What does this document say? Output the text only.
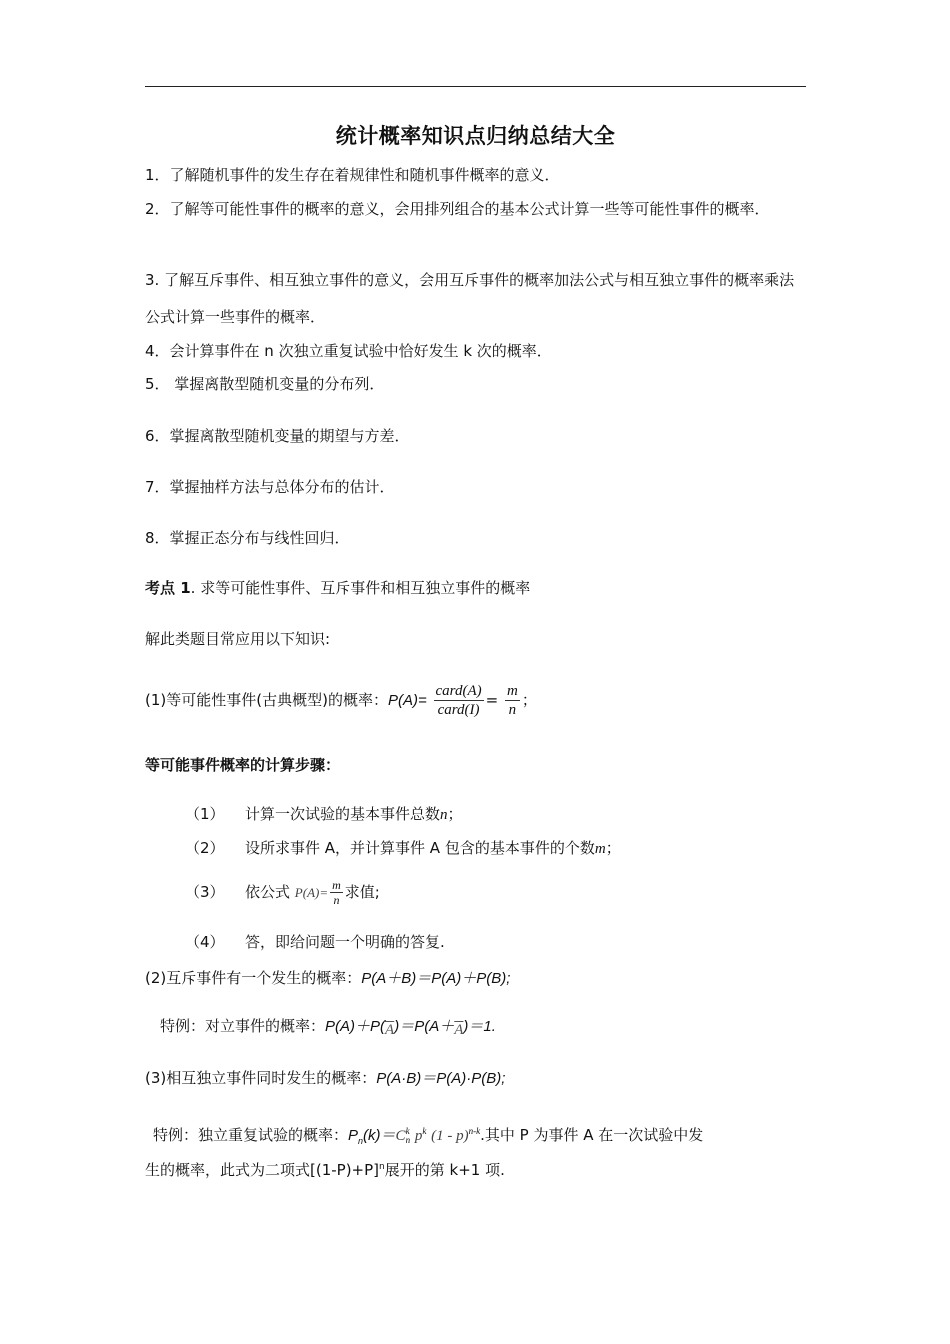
统计概率知识点归纳总结大全
1．了解随机事件的发生存在着规律性和随机事件概率的意义．
2．了解等可能性事件的概率的意义，会用排列组合的基本公式计算一些等可能性事件的概率．
3. 了解互斥事件、相互独立事件的意义，会用互斥事件的概率加法公式与相互独立事件的概率乘法公式计算一些事件的概率．
4．会计算事件在 n 次独立重复试验中恰好发生 k 次的概率．
5． 掌握离散型随机变量的分布列．
6．掌握离散型随机变量的期望与方差．
7．掌握抽样方法与总体分布的估计．
8．掌握正态分布与线性回归．
考点 1. 求等可能性事件、互斥事件和相互独立事件的概率
解此类题目常应用以下知识:
(1)等可能性事件(古典概型)的概率：$P(A)= \frac{\text{card(A)}}{\text{card(I)}} = \frac{m}{n}$ ；
等可能事件概率的计算步骤：
（1） 计算一次试验的基本事件总数n；
（2） 设所求事件 A，并计算事件 A 包含的基本事件的个数m；
（3） 依公式 $P(A)= \frac{m}{n}$ 求值;
（4） 答，即给问题一个明确的答复.
(2)互斥事件有一个发生的概率：P(A＋B)＝P(A)＋P(B);
特例：对立事件的概率：$P(A)+P(\overline{A})=P(A+\overline{A})=1$.
(3)相互独立事件同时发生的概率：P(A·B)＝P(A)·P(B);
特例：独立重复试验的概率：$P_n(k)=C$ k
n $p^k$ (1 - p)$^{n-k}$.其中 P 为事件 A 在一次试验中发
生的概率，此式为二项式$[(1-P)+P]^n$展开的第 k+1 项.
